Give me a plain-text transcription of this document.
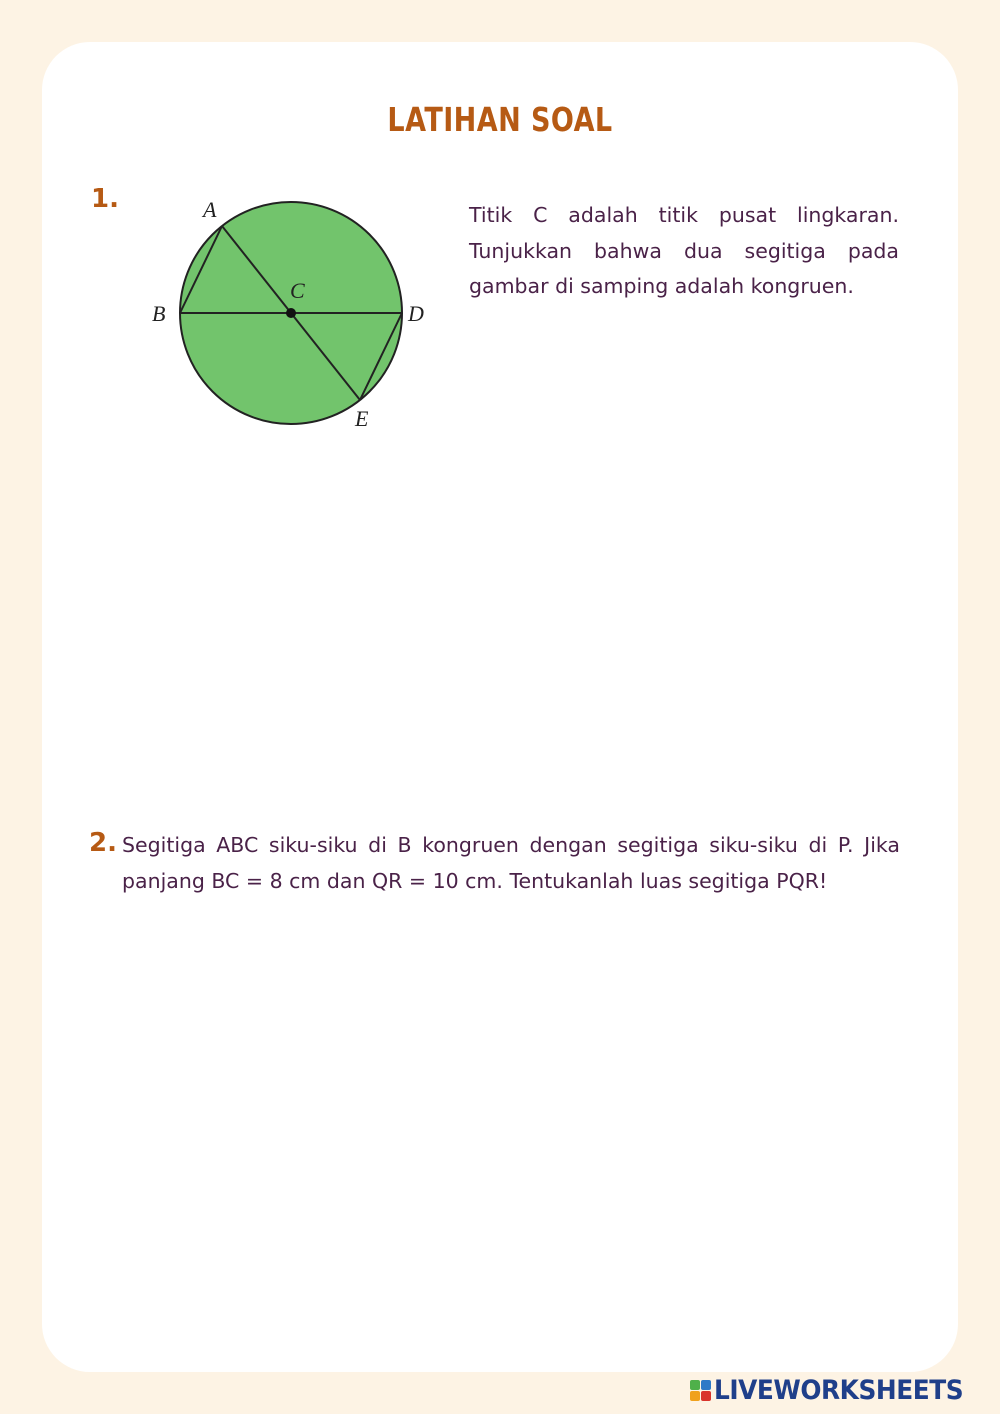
LATIHAN SOAL
1.	A
B
C
D
E
Titik C adalah titik pusat lingkaran. Tunjukkan bahwa dua segitiga pada gambar di samping adalah kongruen.
2. Segitiga ABC siku-siku di B kongruen dengan segitiga siku-siku di P. Jika panjang BC = 8 cm dan QR = 10 cm. Tentukanlah luas segitiga PQR!
LIVEWORKSHEETS
